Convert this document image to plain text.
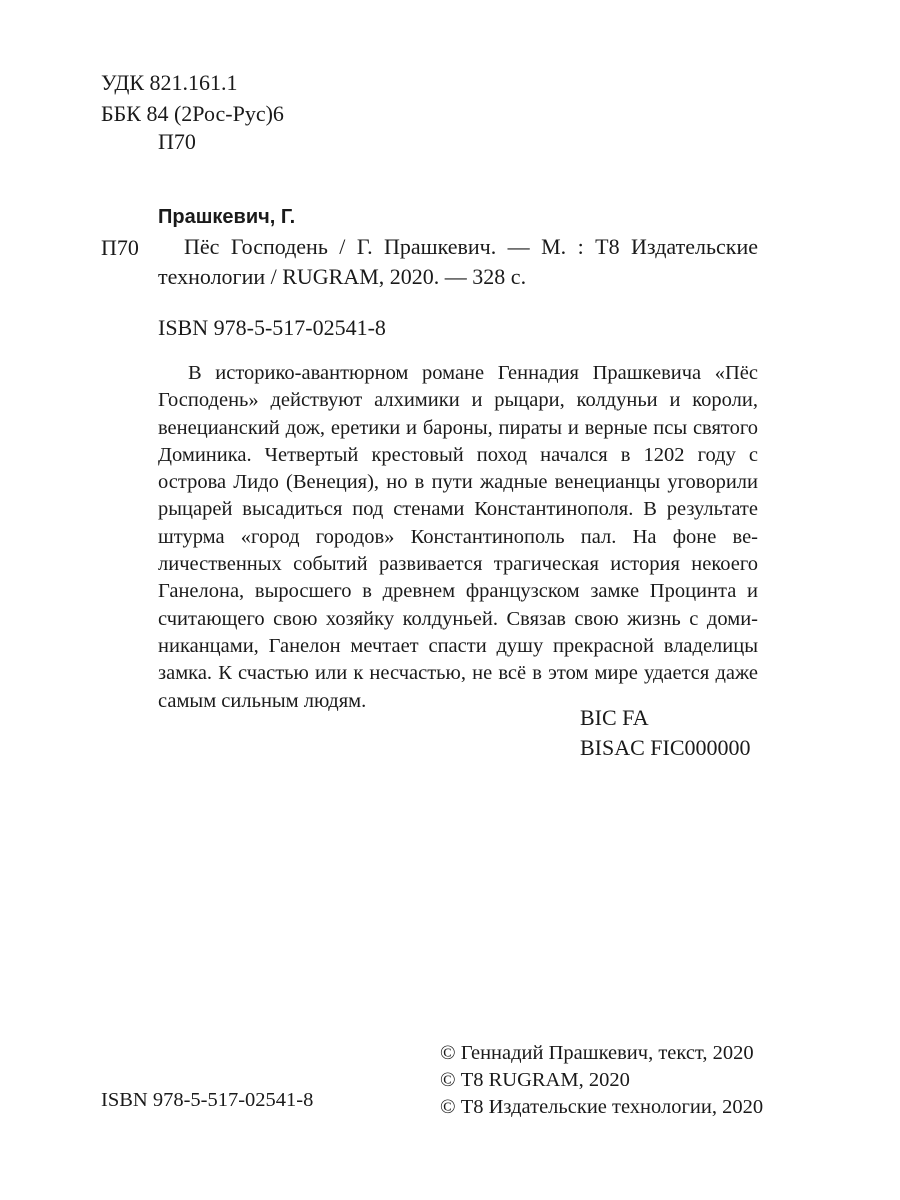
УДК 821.161.1
ББК 84 (2Рос-Рус)6
П70
Прашкевич, Г.
П70	Пёс Господень / Г. Прашкевич. — М. : Т8 Издательские технологии / RUGRAM, 2020. — 328 с.
ISBN 978-5-517-02541-8
В историко-авантюрном романе Геннадия Прашкевича «Пёс Господень» действуют алхимики и рыцари, колдуньи и короли, венецианский дож, еретики и бароны, пираты и верные псы святого Доминика. Четвертый крестовый поход начался в 1202 году с острова Лидо (Венеция), но в пути жадные венецианцы уговорили рыцарей высадиться под стенами Константинополя. В результате штурма «город городов» Константинополь пал. На фоне величественных событий развивается трагическая история некоего Ганелона, выросшего в древнем французском замке Процинта и считающего свою хозяйку колдуньей. Связав свою жизнь с доминиканцами, Ганелон мечтает спасти душу прекрасной владелицы замка. К счастью или к несчастью, не всё в этом мире удается даже самым сильным людям.
BIC FA
BISAC FIC000000
© Геннадий Прашкевич, текст, 2020
© Т8 RUGRAM, 2020
© Т8 Издательские технологии, 2020
ISBN 978-5-517-02541-8
